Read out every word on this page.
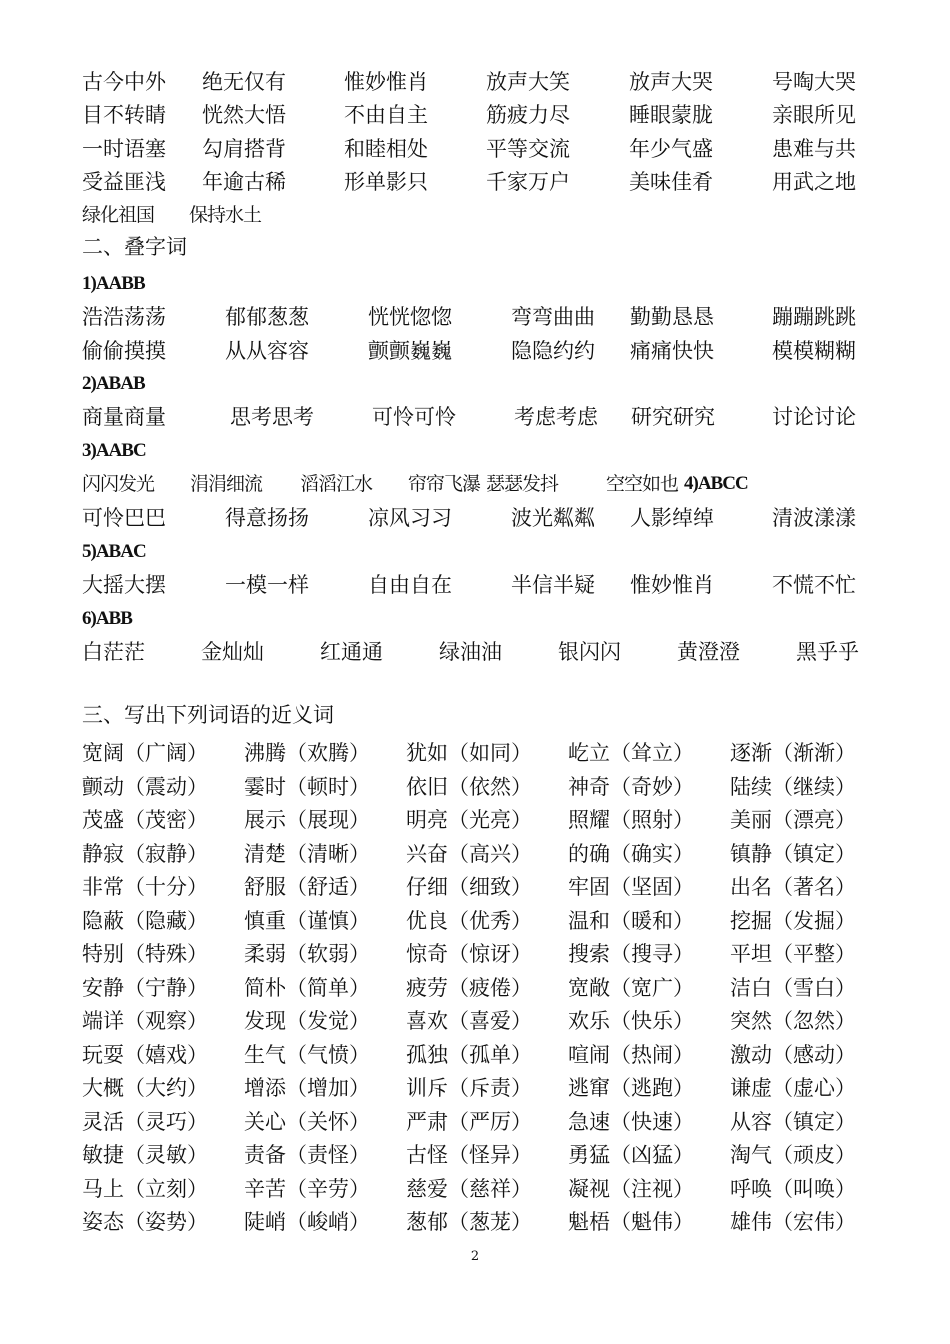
古今中外 绝无仅有	惟妙惟肖	放声大笑	放声大哭	号啕大哭
目不转睛 恍然大悟	不由自主	筋疲力尽	睡眼蒙胧	亲眼所见
一时语塞 勾肩搭背	和睦相处	平等交流	年少气盛	患难与共
受益匪浅 年逾古稀	形单影只	千家万户	美味佳肴	用武之地
绿化祖国 保持水土
二、叠字词
1)AABB
浩浩荡荡	郁郁葱葱	恍恍惚惚	弯弯曲曲 勤勤恳恳	蹦蹦跳跳
偷偷摸摸	从从容容	颤颤巍巍	隐隐约约 痛痛快快	模模糊糊
2)ABAB
商量商量	思考思考	可怜可怜	考虑考虑 研究研究	讨论讨论
3)AABC
闪闪发光 涓涓细流 滔滔江水 帘帘飞瀑 瑟瑟发抖	空空如也 4)ABCC
可怜巴巴	得意扬扬	凉风习习	波光粼粼 人影绰绰	清波漾漾
5)ABAC
大摇大摆	一模一样	自由自在	半信半疑 惟妙惟肖	不慌不忙
6)ABB
白茫茫	金灿灿	红通通	绿油油	银闪闪	黄澄澄	黑乎乎
三、写出下列词语的近义词
宽阔（广阔） 沸腾（欢腾） 犹如（如同） 屹立（耸立） 逐渐（渐渐）
颤动（震动） 霎时（顿时） 依旧（依然） 神奇（奇妙） 陆续（继续）
茂盛（茂密） 展示（展现） 明亮（光亮） 照耀（照射） 美丽（漂亮）
静寂（寂静） 清楚（清晰） 兴奋（高兴） 的确（确实） 镇静（镇定）
非常（十分） 舒服（舒适） 仔细（细致） 牢固（坚固） 出名（著名）
隐蔽（隐藏） 慎重（谨慎） 优良（优秀） 温和（暖和） 挖掘（发掘）
特别（特殊） 柔弱（软弱） 惊奇（惊讶） 搜索（搜寻） 平坦（平整）
安静（宁静） 简朴（简单） 疲劳（疲倦） 宽敞（宽广） 洁白（雪白）
端详（观察） 发现（发觉） 喜欢（喜爱） 欢乐（快乐） 突然（忽然）
玩耍（嬉戏） 生气（气愤） 孤独（孤单） 喧闹（热闹） 激动（感动）
大概（大约） 增添（增加） 训斥（斥责） 逃窜（逃跑） 谦虚（虚心）
灵活（灵巧） 关心（关怀） 严肃（严厉） 急速（快速） 从容（镇定）
敏捷（灵敏） 责备（责怪） 古怪（怪异） 勇猛（凶猛） 淘气（顽皮）
马上（立刻） 辛苦（辛劳） 慈爱（慈祥） 凝视（注视） 呼唤（叫唤）
姿态（姿势） 陡峭（峻峭） 葱郁（葱茏） 魁梧（魁伟） 雄伟（宏伟）
2
